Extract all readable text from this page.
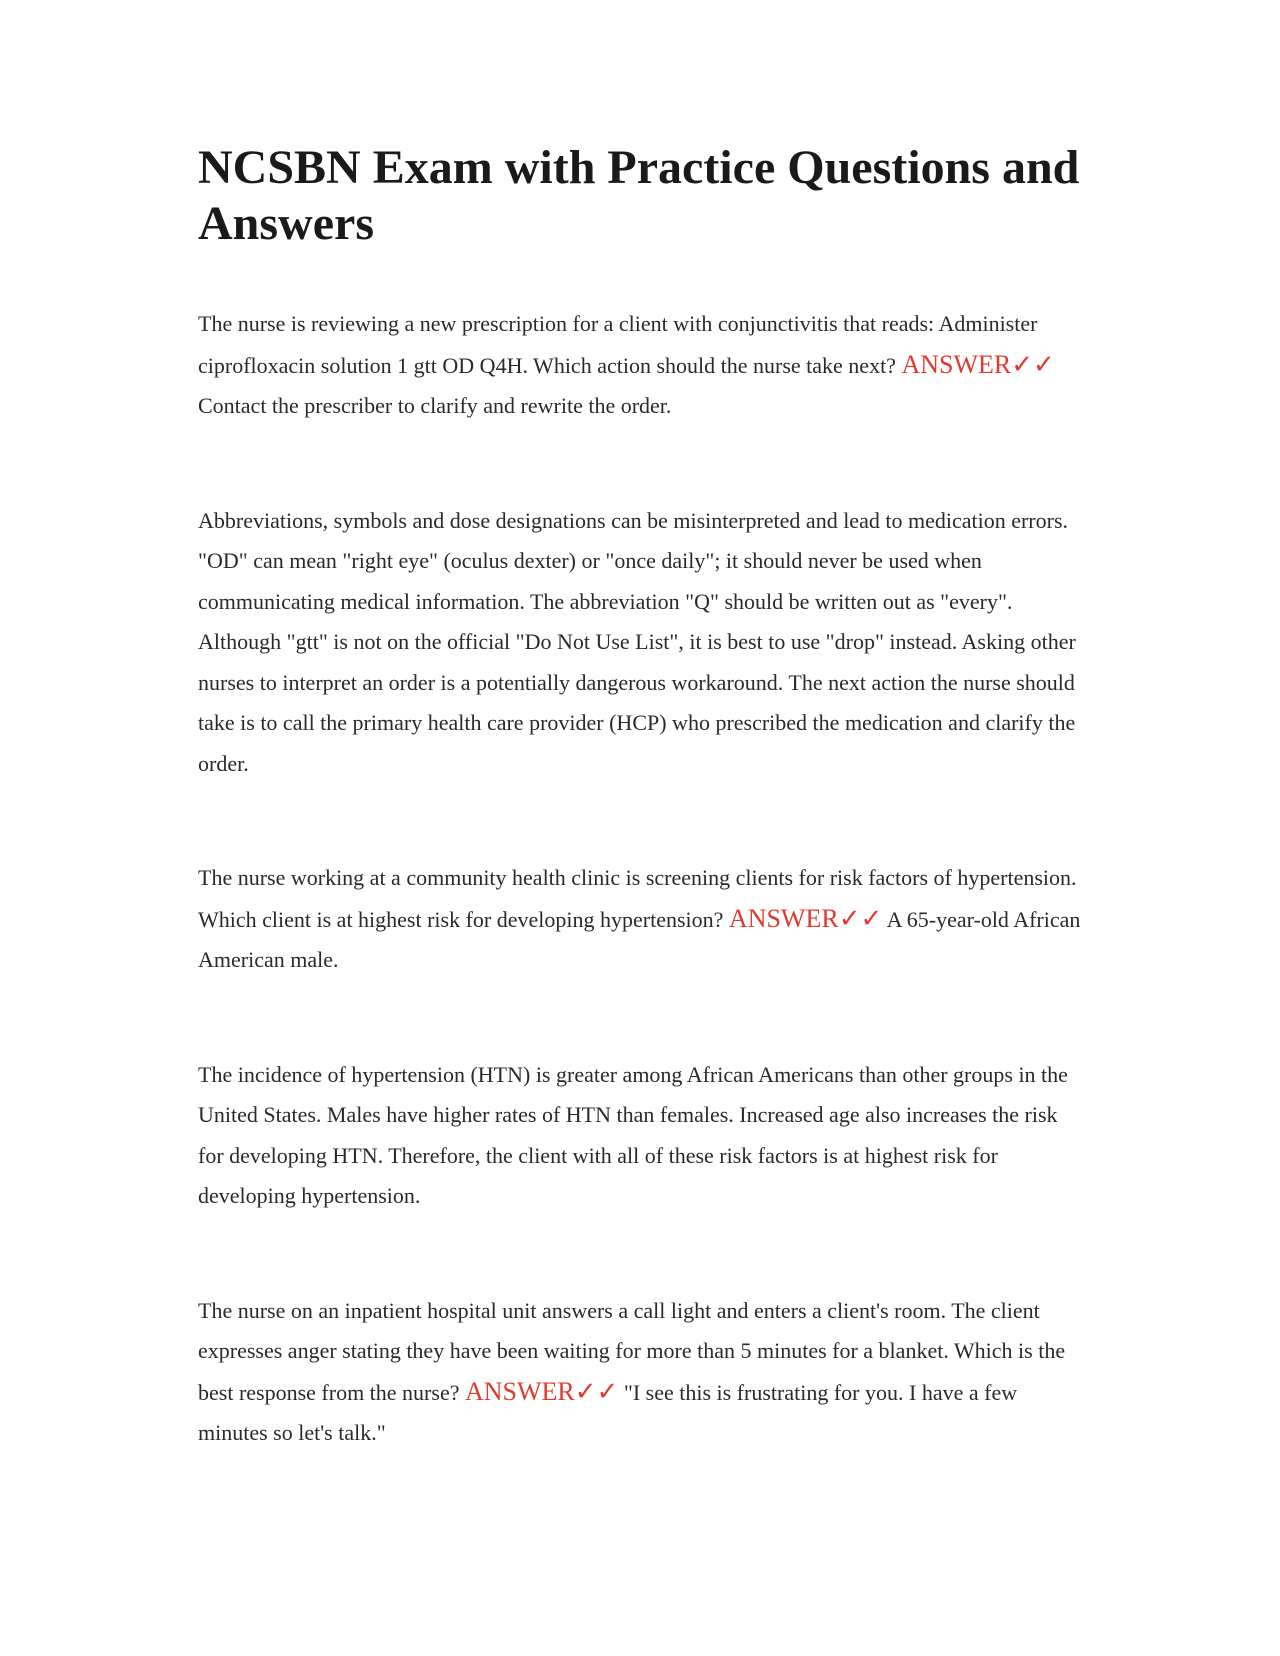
NCSBN Exam with Practice Questions and Answers

The nurse is reviewing a new prescription for a client with conjunctivitis that reads: Administer ciprofloxacin solution 1 gtt OD Q4H. Which action should the nurse take next? ANSWER✓✓ Contact the prescriber to clarify and rewrite the order.

Abbreviations, symbols and dose designations can be misinterpreted and lead to medication errors. "OD" can mean "right eye" (oculus dexter) or "once daily"; it should never be used when communicating medical information. The abbreviation "Q" should be written out as "every". Although "gtt" is not on the official "Do Not Use List", it is best to use "drop" instead. Asking other nurses to interpret an order is a potentially dangerous workaround. The next action the nurse should take is to call the primary health care provider (HCP) who prescribed the medication and clarify the order.

The nurse working at a community health clinic is screening clients for risk factors of hypertension. Which client is at highest risk for developing hypertension? ANSWER✓✓ A 65-year-old African American male.

The incidence of hypertension (HTN) is greater among African Americans than other groups in the United States. Males have higher rates of HTN than females. Increased age also increases the risk for developing HTN. Therefore, the client with all of these risk factors is at highest risk for developing hypertension.

The nurse on an inpatient hospital unit answers a call light and enters a client's room. The client expresses anger stating they have been waiting for more than 5 minutes for a blanket. Which is the best response from the nurse? ANSWER✓✓ "I see this is frustrating for you. I have a few minutes so let's talk."
